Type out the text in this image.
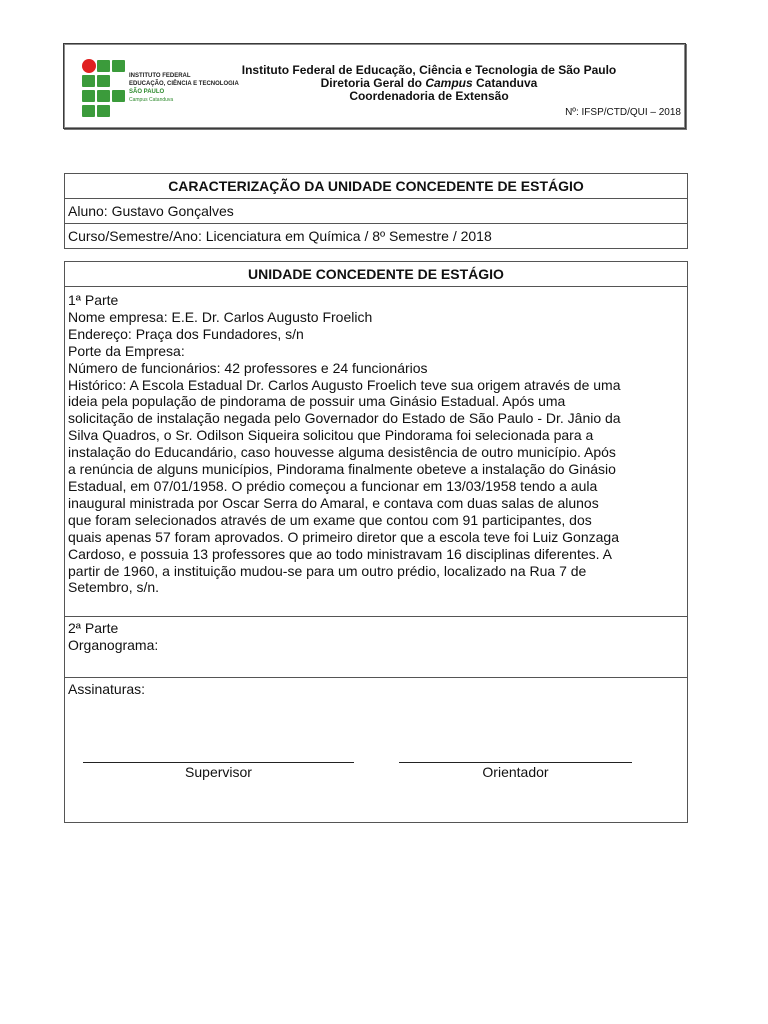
INSTITUTO FEDERAL
EDUCAÇÃO, CIÊNCIA E TECNOLOGIA
SÃO PAULO
Campus Catanduva
Instituto Federal de Educação, Ciência e Tecnologia de São Paulo
Diretoria Geral do Campus Catanduva
Coordenadoria de Extensão
Nº: IFSP/CTD/QUI – 2018
CARACTERIZAÇÃO DA UNIDADE CONCEDENTE DE ESTÁGIO
Aluno: Gustavo Gonçalves
Curso/Semestre/Ano: Licenciatura em Química / 8º Semestre / 2018
UNIDADE CONCEDENTE DE ESTÁGIO

1ª Parte
Nome empresa: E.E. Dr. Carlos Augusto Froelich
Endereço: Praça dos Fundadores, s/n
Porte da Empresa:
Número de funcionários: 42 professores e 24 funcionários
Histórico: A Escola Estadual Dr. Carlos Augusto Froelich teve sua origem através de uma
ideia pela população de pindorama de possuir uma Ginásio Estadual. Após uma
solicitação de instalação negada pelo Governador do Estado de São Paulo - Dr. Jânio da
Silva Quadros, o Sr. Odilson Siqueira solicitou que Pindorama foi selecionada para a
instalação do Educandário, caso houvesse alguma desistência de outro município. Após
a renúncia de alguns municípios, Pindorama finalmente obeteve a instalação do Ginásio
Estadual, em 07/01/1958. O prédio começou a funcionar em 13/03/1958 tendo a aula
inaugural ministrada por Oscar Serra do Amaral, e contava com duas salas de alunos
que foram selecionados através de um exame que contou com 91 participantes, dos
quais apenas 57 foram aprovados. O primeiro diretor que a escola teve foi Luiz Gonzaga
Cardoso, e possuia 13 professores que ao todo ministravam 16 disciplinas diferentes. A
partir de 1960, a instituição mudou-se para um outro prédio, localizado na Rua 7 de
Setembro, s/n.

2ª Parte
Organograma:

Assinaturas:
Supervisor	Orientador
